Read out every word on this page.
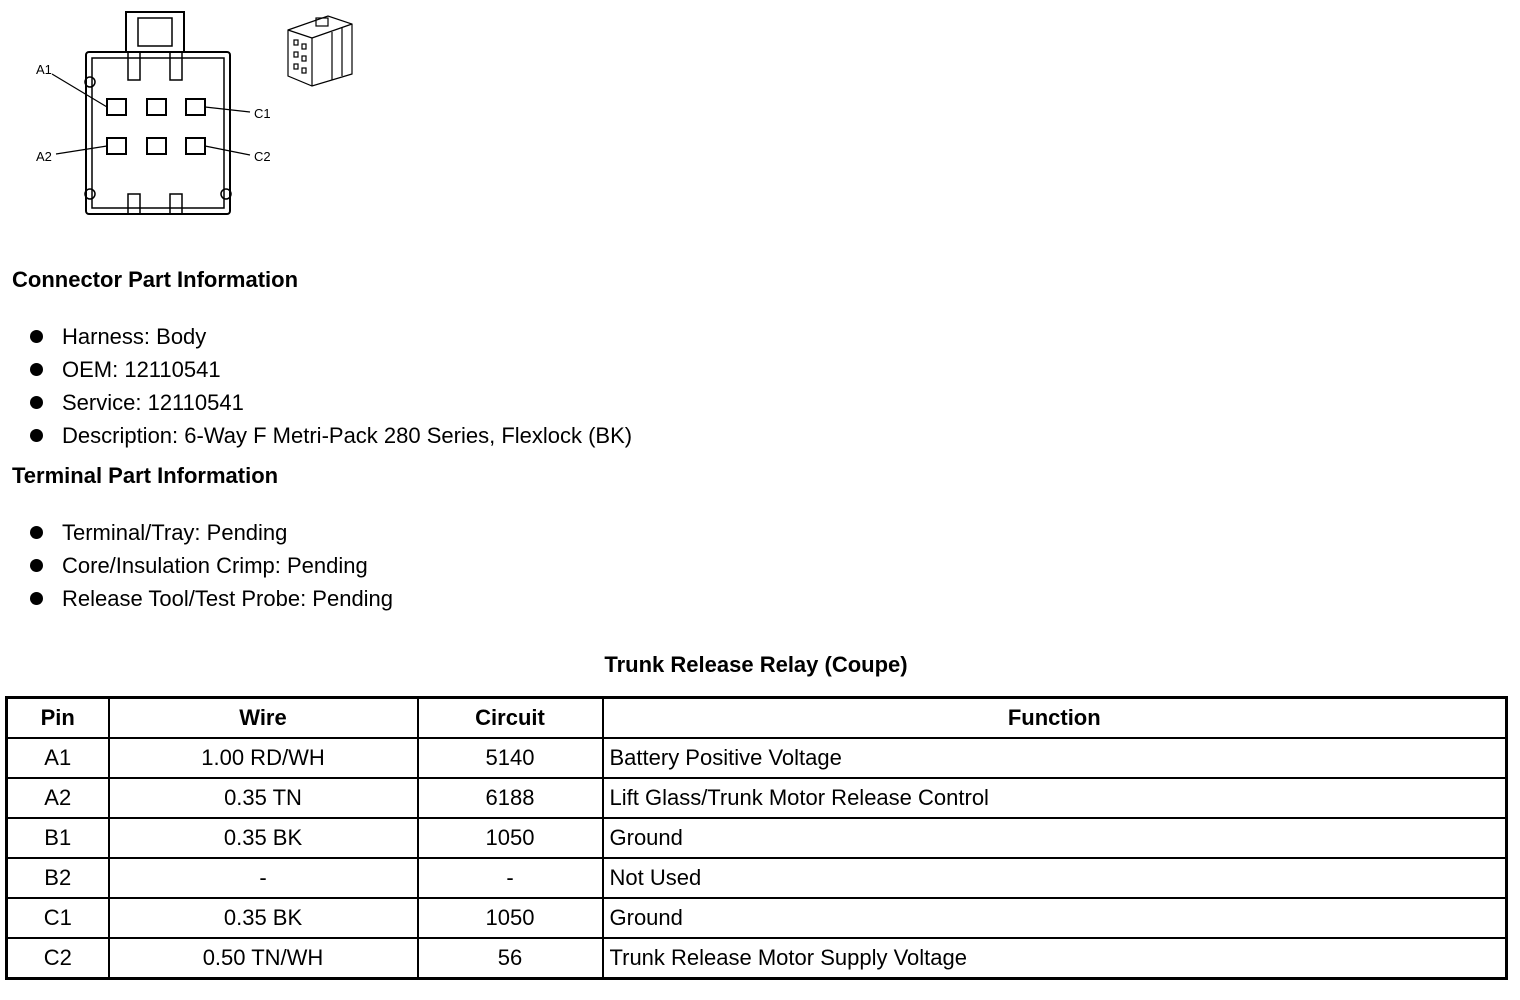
A1
A2
C1
C2
Connector Part Information
Harness: Body
OEM: 12110541
Service: 12110541
Description: 6-Way F Metri-Pack 280 Series, Flexlock (BK)
Terminal Part Information
Terminal/Tray: Pending
Core/Insulation Crimp: Pending
Release Tool/Test Probe: Pending
Trunk Release Relay (Coupe)
Pin	Wire	Circuit	Function
A1	1.00 RD/WH	5140	Battery Positive Voltage
A2	0.35 TN	6188	Lift Glass/Trunk Motor Release Control
B1	0.35 BK	1050	Ground
B2	-	-	Not Used
C1	0.35 BK	1050	Ground
C2	0.50 TN/WH	56	Trunk Release Motor Supply Voltage
